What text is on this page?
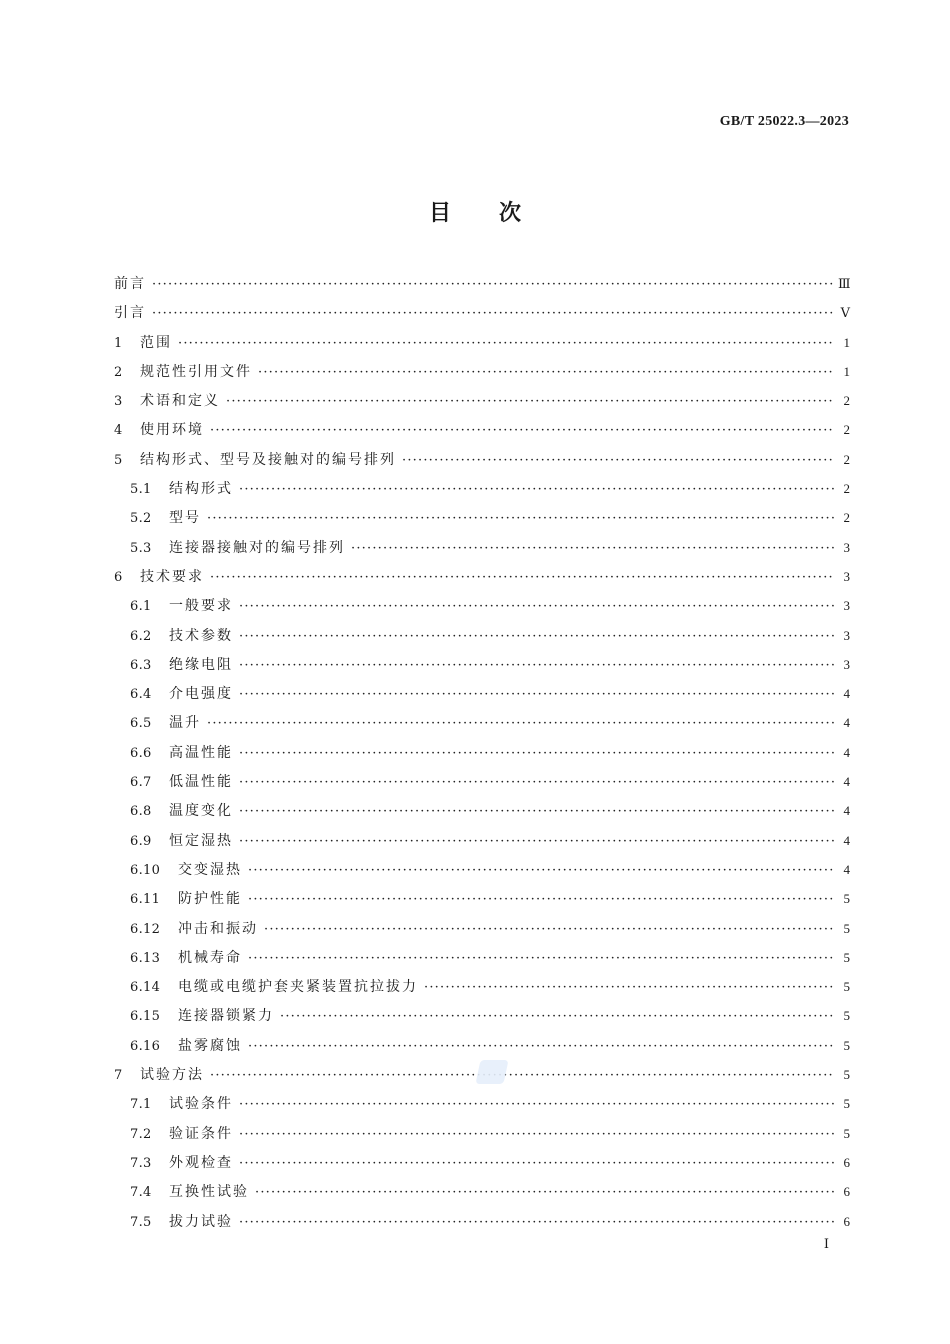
GB/T 25022.3—2023
目次
前言 ·····	Ⅲ
引言 ·····	Ⅴ
1	范围 ·····	1
2	规范性引用文件 ·····	1
3	术语和定义 ·····	2
4	使用环境 ·····	2
5	结构形式、型号及接触对的编号排列 ·····	2
5.1	结构形式 ·····	2
5.2	型号 ·····	2
5.3	连接器接触对的编号排列 ·····	3
6	技术要求 ·····	3
6.1	一般要求 ·····	3
6.2	技术参数 ·····	3
6.3	绝缘电阻 ·····	3
6.4	介电强度 ·····	4
6.5	温升 ·····	4
6.6	高温性能 ·····	4
6.7	低温性能 ·····	4
6.8	温度变化 ·····	4
6.9	恒定湿热 ·····	4
6.10	交变湿热 ·····	4
6.11	防护性能 ·····	5
6.12	冲击和振动 ·····	5
6.13	机械寿命 ·····	5
6.14	电缆或电缆护套夹紧装置抗拉拔力 ·····	5
6.15	连接器锁紧力 ·····	5
6.16	盐雾腐蚀 ·····	5
7	试验方法 ·····	5
7.1	试验条件 ·····	5
7.2	验证条件 ·····	5
7.3	外观检查 ·····	6
7.4	互换性试验 ·····	6
7.5	拔力试验 ·····	6
Ⅰ
